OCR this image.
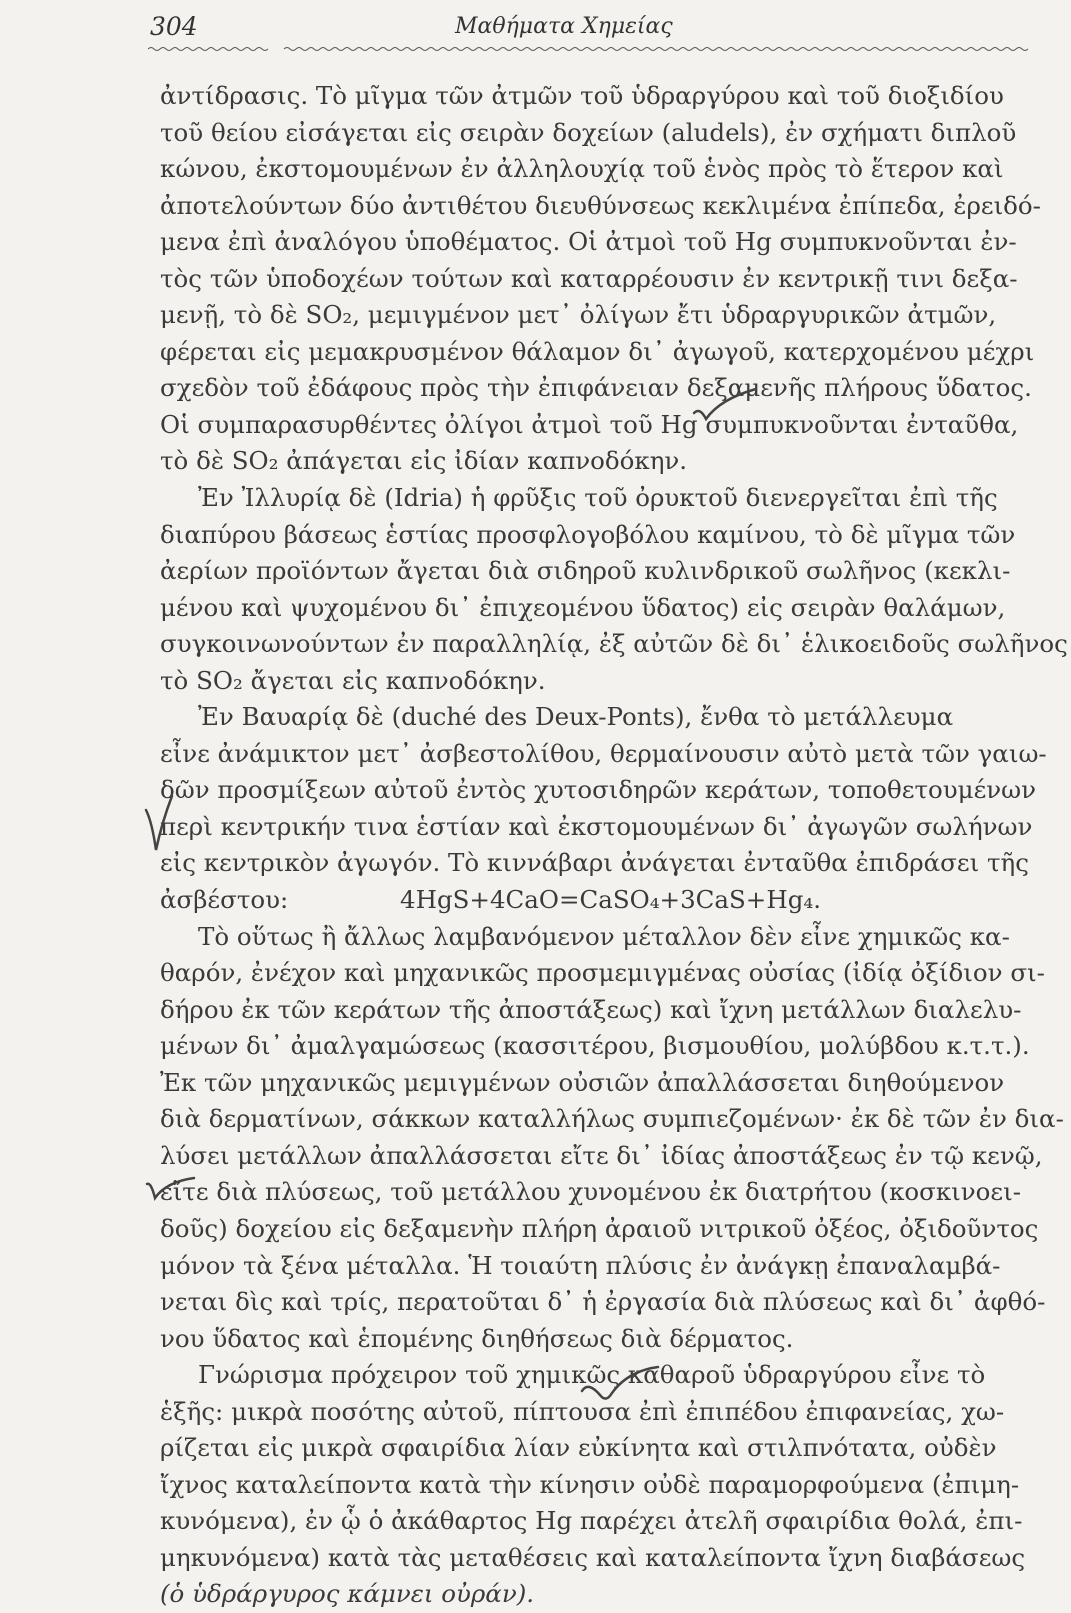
304	Μαθήματα Χημείας
ἀντίδρασις. Τὸ μῖγμα τῶν ἀτμῶν τοῦ ὑδραργύρου καὶ τοῦ διοξιδίου
τοῦ θείου εἰσάγεται εἰς σειρὰν δοχείων (aludels), ἐν σχήματι διπλοῦ
κώνου, ἐκστομουμένων ἐν ἀλληλουχίᾳ τοῦ ἑνὸς πρὸς τὸ ἕτερον καὶ
ἀποτελούντων δύο ἀντιθέτου διευθύνσεως κεκλιμένα ἐπίπεδα, ἐρειδό-
μενα ἐπὶ ἀναλόγου ὑποθέματος. Οἱ ἀτμοὶ τοῦ Hg συμπυκνοῦνται ἐν-
τὸς τῶν ὑποδοχέων τούτων καὶ καταρρέουσιν ἐν κεντρικῇ τινι δεξα-
μενῇ, τὸ δὲ SO₂, μεμιγμένον μετ᾽ ὀλίγων ἔτι ὑδραργυρικῶν ἀτμῶν,
φέρεται εἰς μεμακρυσμένον θάλαμον δι᾽ ἀγωγοῦ, κατερχομένου μέχρι
σχεδὸν τοῦ ἐδάφους πρὸς τὴν ἐπιφάνειαν δεξαμενῆς πλήρους ὕδατος.
Οἱ συμπαρασυρθέντες ὀλίγοι ἀτμοὶ τοῦ Hg συμπυκνοῦνται ἐνταῦθα,
τὸ δὲ SO₂ ἀπάγεται εἰς ἰδίαν καπνοδόκην.
Ἐν Ἰλλυρίᾳ δὲ (Idria) ἡ φρῦξις τοῦ ὀρυκτοῦ διενεργεῖται ἐπὶ τῆς
διαπύρου βάσεως ἑστίας προσφλογοβόλου καμίνου, τὸ δὲ μῖγμα τῶν
ἀερίων προϊόντων ἄγεται διὰ σιδηροῦ κυλινδρικοῦ σωλῆνος (κεκλι-
μένου καὶ ψυχομένου δι᾽ ἐπιχεομένου ὕδατος) εἰς σειρὰν θαλάμων,
συγκοινωνούντων ἐν παραλληλίᾳ, ἐξ αὐτῶν δὲ δι᾽ ἑλικοειδοῦς σωλῆνος
τὸ SO₂ ἄγεται εἰς καπνοδόκην.
Ἐν Βαυαρίᾳ δὲ (duché des Deux-Ponts), ἔνθα τὸ μετάλλευμα
εἶνε ἀνάμικτον μετ᾽ ἀσβεστολίθου, θερμαίνουσιν αὐτὸ μετὰ τῶν γαιω-
δῶν προσμίξεων αὐτοῦ ἐντὸς χυτοσιδηρῶν κεράτων, τοποθετουμένων
περὶ κεντρικήν τινα ἑστίαν καὶ ἐκστομουμένων δι᾽ ἀγωγῶν σωλήνων
εἰς κεντρικὸν ἀγωγόν. Τὸ κιννάβαρι ἀνάγεται ἐνταῦθα ἐπιδράσει τῆς
ἀσβέστου:	4HgS+4CaO=CaSO₄+3CaS+Hg₄.
Τὸ οὕτως ἢ ἄλλως λαμβανόμενον μέταλλον δὲν εἶνε χημικῶς κα-
θαρόν, ἐνέχον καὶ μηχανικῶς προσμεμιγμένας οὐσίας (ἰδίᾳ ὀξίδιον σι-
δήρου ἐκ τῶν κεράτων τῆς ἀποστάξεως) καὶ ἴχνη μετάλλων διαλελυ-
μένων δι᾽ ἀμαλγαμώσεως (κασσιτέρου, βισμουθίου, μολύβδου κ.τ.τ.).
Ἐκ τῶν μηχανικῶς μεμιγμένων οὐσιῶν ἀπαλλάσσεται διηθούμενον
διὰ δερματίνων, σάκκων καταλλήλως συμπιεζομένων· ἐκ δὲ τῶν ἐν δια-
λύσει μετάλλων ἀπαλλάσσεται εἴτε δι᾽ ἰδίας ἀποστάξεως ἐν τῷ κενῷ,
εἴτε διὰ πλύσεως, τοῦ μετάλλου χυνομένου ἐκ διατρήτου (κοσκινοει-
δοῦς) δοχείου εἰς δεξαμενὴν πλήρη ἀραιοῦ νιτρικοῦ ὀξέος, ὀξιδοῦντος
μόνον τὰ ξένα μέταλλα. Ἡ τοιαύτη πλύσις ἐν ἀνάγκῃ ἐπαναλαμβά-
νεται δὶς καὶ τρίς, περατοῦται δ᾽ ἡ ἐργασία διὰ πλύσεως καὶ δι᾽ ἀφθό-
νου ὕδατος καὶ ἑπομένης διηθήσεως διὰ δέρματος.
Γνώρισμα πρόχειρον τοῦ χημικῶς καθαροῦ ὑδραργύρου εἶνε τὸ
ἑξῆς: μικρὰ ποσότης αὐτοῦ, πίπτουσα ἐπὶ ἐπιπέδου ἐπιφανείας, χω-
ρίζεται εἰς μικρὰ σφαιρίδια λίαν εὐκίνητα καὶ στιλπνότατα, οὐδὲν
ἴχνος καταλείποντα κατὰ τὴν κίνησιν οὐδὲ παραμορφούμενα (ἐπιμη-
κυνόμενα), ἐν ᾧ ὁ ἀκάθαρτος Hg παρέχει ἀτελῆ σφαιρίδια θολά, ἐπι-
μηκυνόμενα) κατὰ τὰς μεταθέσεις καὶ καταλείποντα ἴχνη διαβάσεως
(ὁ ὑδράργυρος κάμνει οὐράν).
